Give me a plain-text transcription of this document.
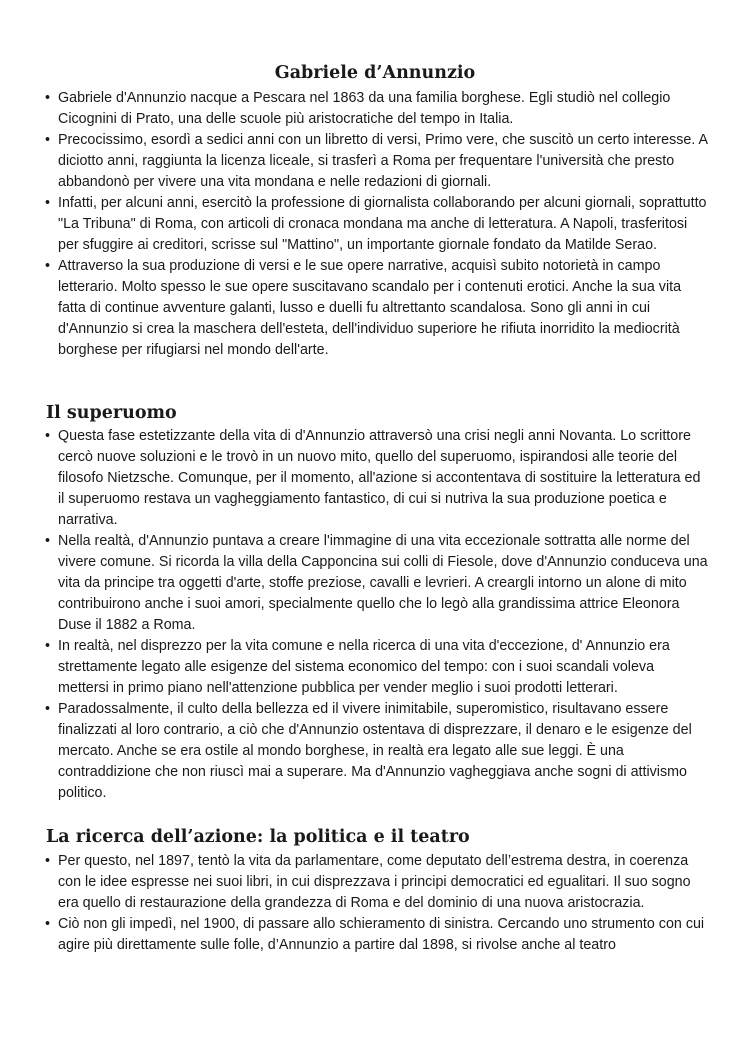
Gabriele d’Annunzio
• Gabriele d'Annunzio nacque a Pescara nel 1863 da una familia borghese. Egli studiò nel collegio Cicognini di Prato, una delle scuole più aristocratiche del tempo in Italia.
• Precocissimo, esordì a sedici anni con un libretto di versi, Primo vere, che suscitò un certo interesse. A diciotto anni, raggiunta la licenza liceale, si trasferì a Roma per frequentare l'università che presto abbandonò per vivere una vita mondana e nelle redazioni di giornali.
• Infatti, per alcuni anni, esercitò la professione di giornalista collaborando per alcuni giornali, soprattutto "La Tribuna" di Roma, con articoli di cronaca mondana ma anche di letteratura. A Napoli, trasferitosi per sfuggire ai creditori, scrisse sul "Mattino", un importante giornale fondato da Matilde Serao.
• Attraverso la sua produzione di versi e le sue opere narrative, acquisì subito notorietà in campo letterario. Molto spesso le sue opere suscitavano scandalo per i contenuti erotici. Anche la sua vita fatta di continue avventure galanti, lusso e duelli fu altrettanto scandalosa. Sono gli anni in cui d'Annunzio si crea la maschera dell'esteta, dell'individuo superiore he rifiuta inorridito la mediocrità borghese per rifugiarsi nel mondo dell'arte.
Il superuomo
• Questa fase estetizzante della vita di d'Annunzio attraversò una crisi negli anni Novanta. Lo scrittore cercò nuove soluzioni e le trovò in un nuovo mito, quello del superuomo, ispirandosi alle teorie del filosofo Nietzsche. Comunque, per il momento, all'azione si accontentava di sostituire la letteratura ed il superuomo restava un vagheggiamento fantastico, di cui si nutriva la sua produzione poetica e narrativa.
• Nella realtà, d'Annunzio puntava a creare l'immagine di una vita eccezionale sottratta alle norme del vivere comune. Si ricorda la villa della Capponcina sui colli di Fiesole, dove d'Annunzio conduceva una vita da principe tra oggetti d'arte, stoffe preziose, cavalli e levrieri. A creargli intorno un alone di mito contribuirono anche i suoi amori, specialmente quello che lo legò alla grandissima attrice Eleonora Duse il 1882 a Roma.
• In realtà, nel disprezzo per la vita comune e nella ricerca di una vita d'eccezione, d' Annunzio era strettamente legato alle esigenze del sistema economico del tempo: con i suoi scandali voleva mettersi in primo piano nell'attenzione pubblica per vender meglio i suoi prodotti letterari.
• Paradossalmente, il culto della bellezza ed il vivere inimitabile, superomistico, risultavano essere finalizzati al loro contrario, a ciò che d'Annunzio ostentava di disprezzare, il denaro e le esigenze del mercato. Anche se era ostile al mondo borghese, in realtà era legato alle sue leggi. È una contraddizione che non riuscì mai a superare. Ma d'Annunzio vagheggiava anche sogni di attivismo politico.
La ricerca dell’azione: la politica e il teatro
• Per questo, nel 1897, tentò la vita da parlamentare, come deputato dell’estrema destra, in coerenza con le idee espresse nei suoi libri, in cui disprezzava i principi democratici ed egualitari. Il suo sogno era quello di restaurazione della grandezza di Roma e del dominio di una nuova aristocrazia.
• Ciò non gli impedì, nel 1900, di passare allo schieramento di sinistra. Cercando uno strumento con cui agire più direttamente sulle folle, d’Annunzio a partire dal 1898, si rivolse anche al teatro
